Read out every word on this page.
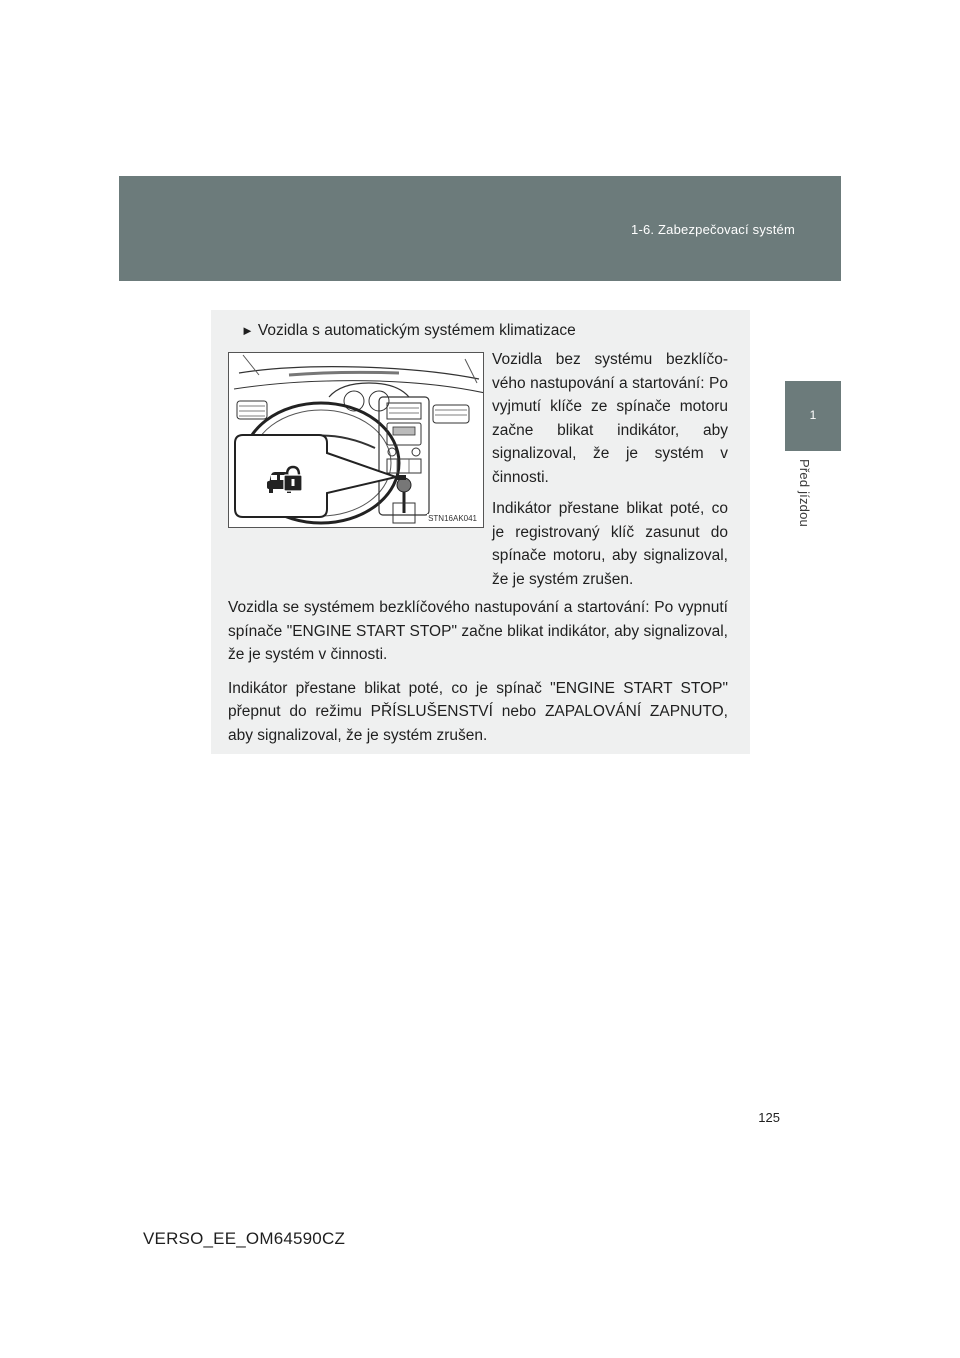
1-6. Zabezpečovací systém
1
Před jízdou
► Vozidla s automatickým systémem klimatizace
STN16AK041

Vozidla bez systému bezklíčového nastupování a startování: Po vyjmutí klíče ze spínače motoru začne blikat indikátor, aby signalizoval, že je systém v činnosti.

Indikátor přestane blikat poté, co je registrovaný klíč zasunut do spínače motoru, aby signalizoval, že je systém zrušen.

Vozidla se systémem bezklíčového nastupování a startování: Po vypnutí spínače "ENGINE START STOP" začne blikat indikátor, aby signalizoval, že je systém v činnosti.

Indikátor přestane blikat poté, co je spínač "ENGINE START STOP" přepnut do režimu PŘÍSLUŠENSTVÍ nebo ZAPALOVÁNÍ ZAPNUTO, aby signalizoval, že je systém zrušen.

125
VERSO_EE_OM64590CZ
